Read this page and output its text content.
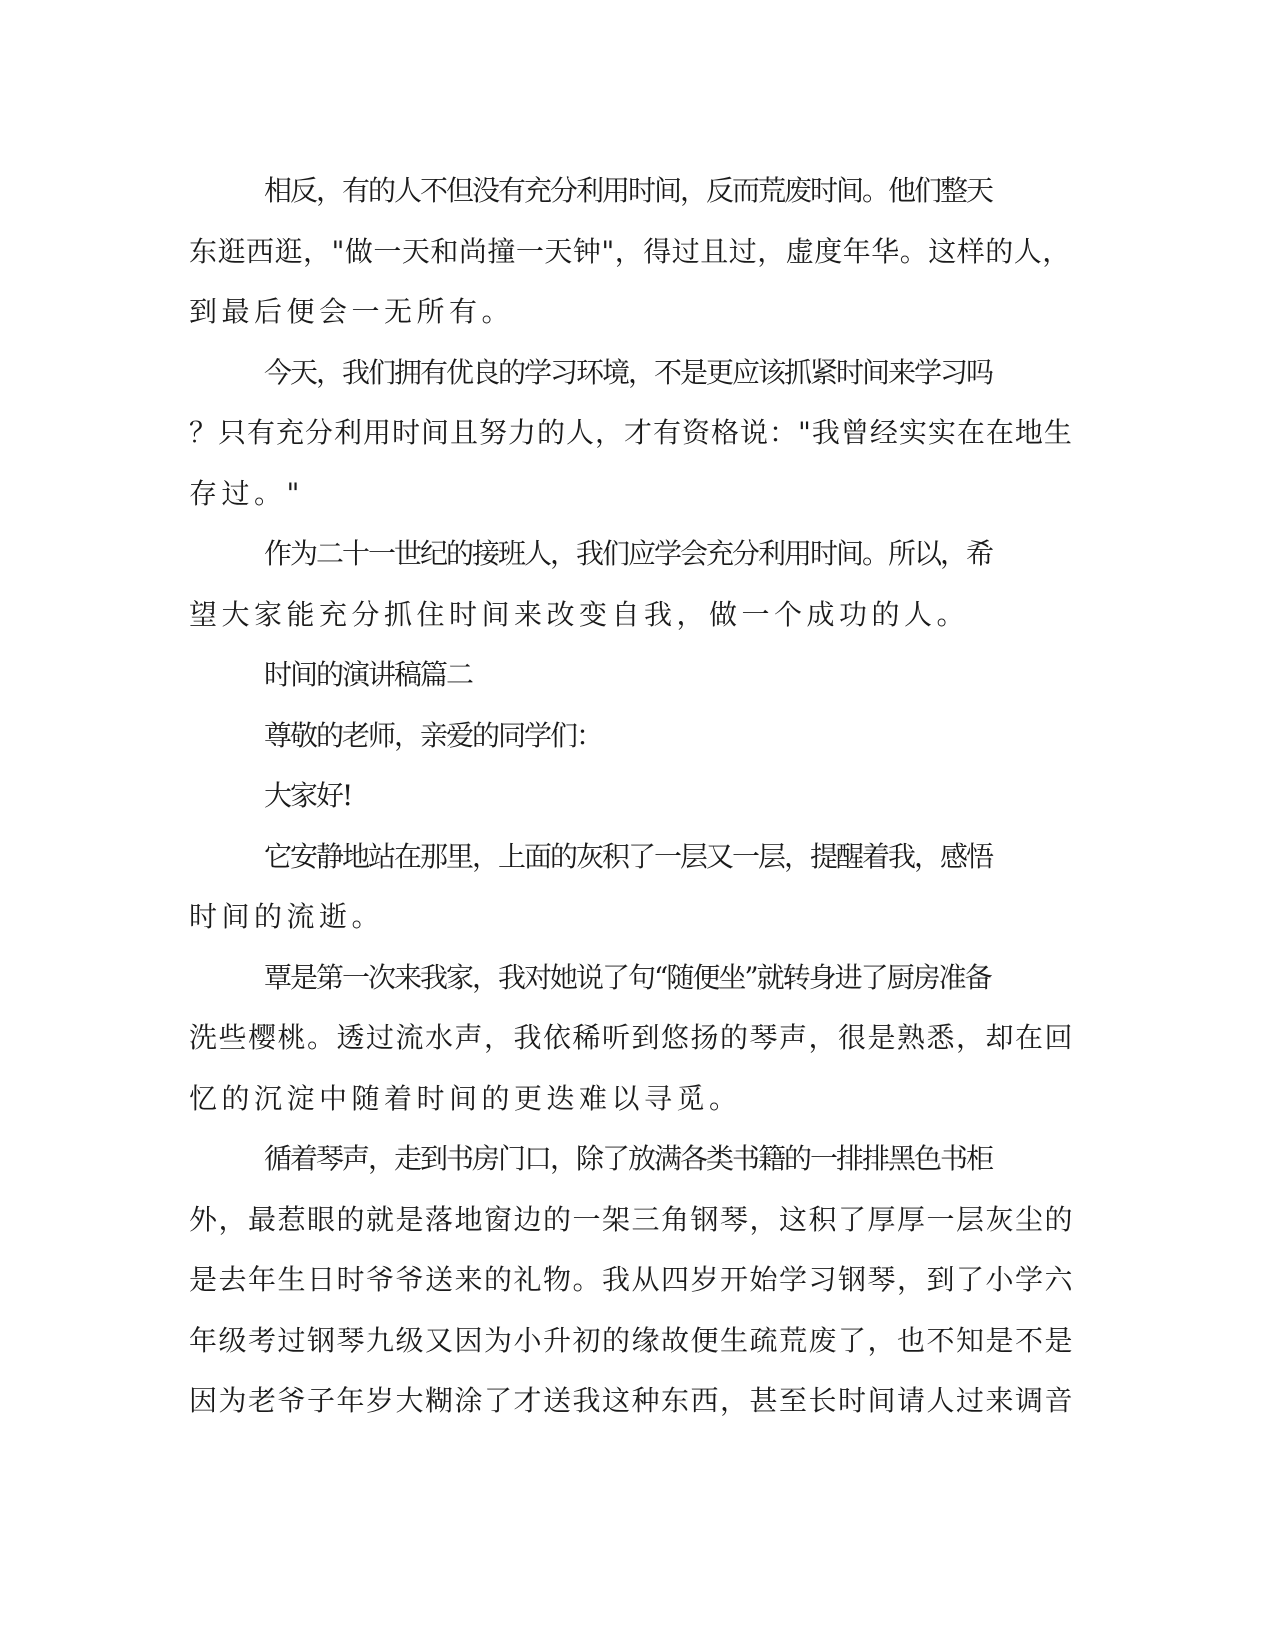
相反，有的人不但没有充分利用时间，反而荒废时间。他们整天
东逛西逛，"做一天和尚撞一天钟"，得过且过，虚度年华。这样的人，
到最后便会一无所有。
今天，我们拥有优良的学习环境，不是更应该抓紧时间来学习吗
？只有充分利用时间且努力的人，才有资格说："我曾经实实在在地生
存过。"
作为二十一世纪的接班人，我们应学会充分利用时间。所以，希
望大家能充分抓住时间来改变自我，做一个成功的人。
时间的演讲稿篇二
尊敬的老师，亲爱的同学们：
大家好!
它安静地站在那里，上面的灰积了一层又一层，提醒着我，感悟
时间的流逝。
覃是第一次来我家，我对她说了句“随便坐”就转身进了厨房准备
洗些樱桃。透过流水声，我依稀听到悠扬的琴声，很是熟悉，却在回
忆的沉淀中随着时间的更迭难以寻觅。
循着琴声，走到书房门口，除了放满各类书籍的一排排黑色书柜
外，最惹眼的就是落地窗边的一架三角钢琴，这积了厚厚一层灰尘的
是去年生日时爷爷送来的礼物。我从四岁开始学习钢琴，到了小学六
年级考过钢琴九级又因为小升初的缘故便生疏荒废了，也不知是不是
因为老爷子年岁大糊涂了才送我这种东西，甚至长时间请人过来调音
